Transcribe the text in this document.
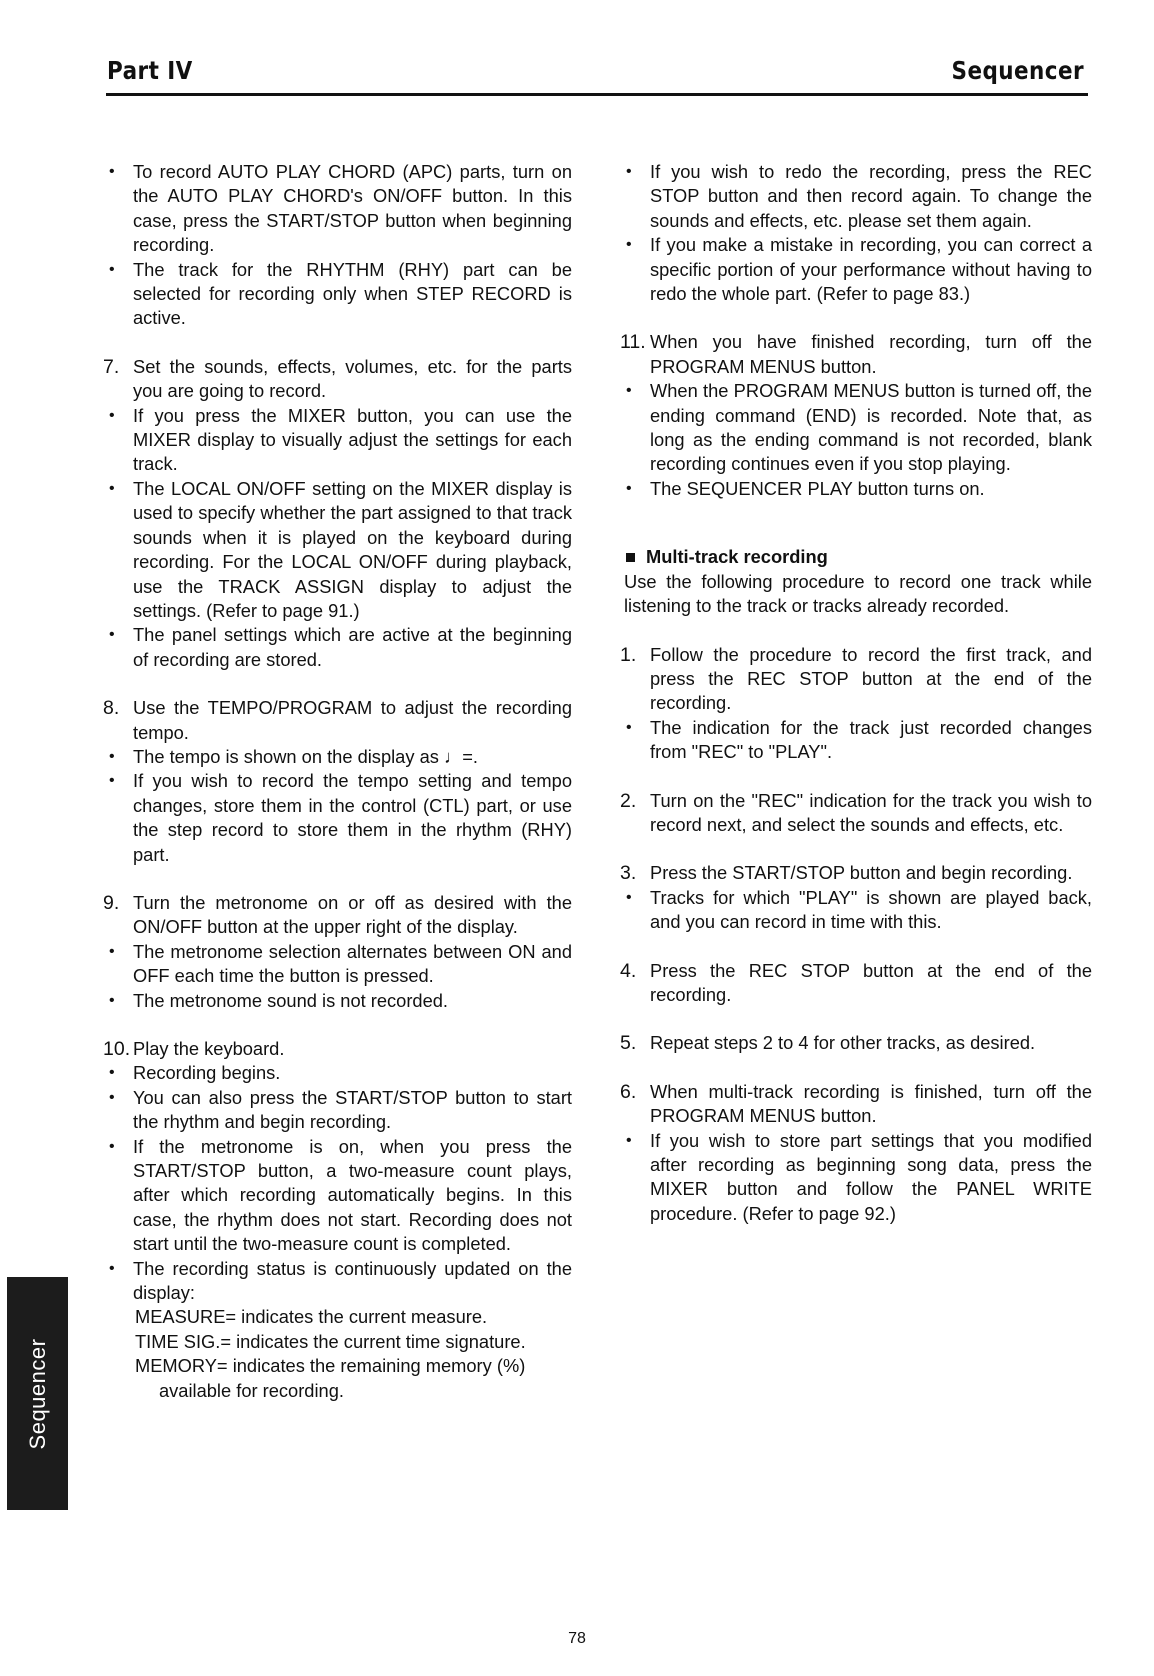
Part IV	Sequencer

• To record AUTO PLAY CHORD (APC) parts, turn on the AUTO PLAY CHORD's ON/OFF button. In this case, press the START/STOP button when beginning recording.

• The track for the RHYTHM (RHY) part can be selected for recording only when STEP RECORD is active.

7. Set the sounds, effects, volumes, etc. for the parts you are going to record.

• If you press the MIXER button, you can use the MIXER display to visually adjust the settings for each track.

• The LOCAL ON/OFF setting on the MIXER display is used to specify whether the part assigned to that track sounds when it is played on the keyboard during recording. For the LOCAL ON/OFF during playback, use the TRACK ASSIGN display to adjust the settings. (Refer to page 91.)

• The panel settings which are active at the beginning of recording are stored.

8. Use the TEMPO/PROGRAM to adjust the recording tempo.

• The tempo is shown on the display as ♩=.

• If you wish to record the tempo setting and tempo changes, store them in the control (CTL) part, or use the step record to store them in the rhythm (RHY) part.

9. Turn the metronome on or off as desired with the ON/OFF button at the upper right of the display.

• The metronome selection alternates between ON and OFF each time the button is pressed.

• The metronome sound is not recorded.

10. Play the keyboard.

• Recording begins.

• You can also press the START/STOP button to start the rhythm and begin recording.

• If the metronome is on, when you press the START/STOP button, a two-measure count plays, after which recording automatically begins. In this case, the rhythm does not start. Recording does not start until the two-measure count is completed.

• The recording status is continuously updated on the display:

MEASURE= indicates the current measure.

TIME SIG.= indicates the current time signature.

MEMORY= indicates the remaining memory (%) available for recording.

• If you wish to redo the recording, press the REC STOP button and then record again. To change the sounds and effects, etc. please set them again.

• If you make a mistake in recording, you can correct a specific portion of your performance without having to redo the whole part. (Refer to page 83.)

11. When you have finished recording, turn off the PROGRAM MENUS button.

• When the PROGRAM MENUS button is turned off, the ending command (END) is recorded. Note that, as long as the ending command is not recorded, blank recording continues even if you stop playing.

• The SEQUENCER PLAY button turns on.

Multi-track recording

Use the following procedure to record one track while listening to the track or tracks already recorded.

1. Follow the procedure to record the first track, and press the REC STOP button at the end of the recording.

• The indication for the track just recorded changes from "REC" to "PLAY".

2. Turn on the "REC" indication for the track you wish to record next, and select the sounds and effects, etc.

3. Press the START/STOP button and begin recording.

• Tracks for which "PLAY" is shown are played back, and you can record in time with this.

4. Press the REC STOP button at the end of the recording.

5. Repeat steps 2 to 4 for other tracks, as desired.

6. When multi-track recording is finished, turn off the PROGRAM MENUS button.

• If you wish to store part settings that you modified after recording as beginning song data, press the MIXER button and follow the PANEL WRITE procedure. (Refer to page 92.)

Sequencer
78
